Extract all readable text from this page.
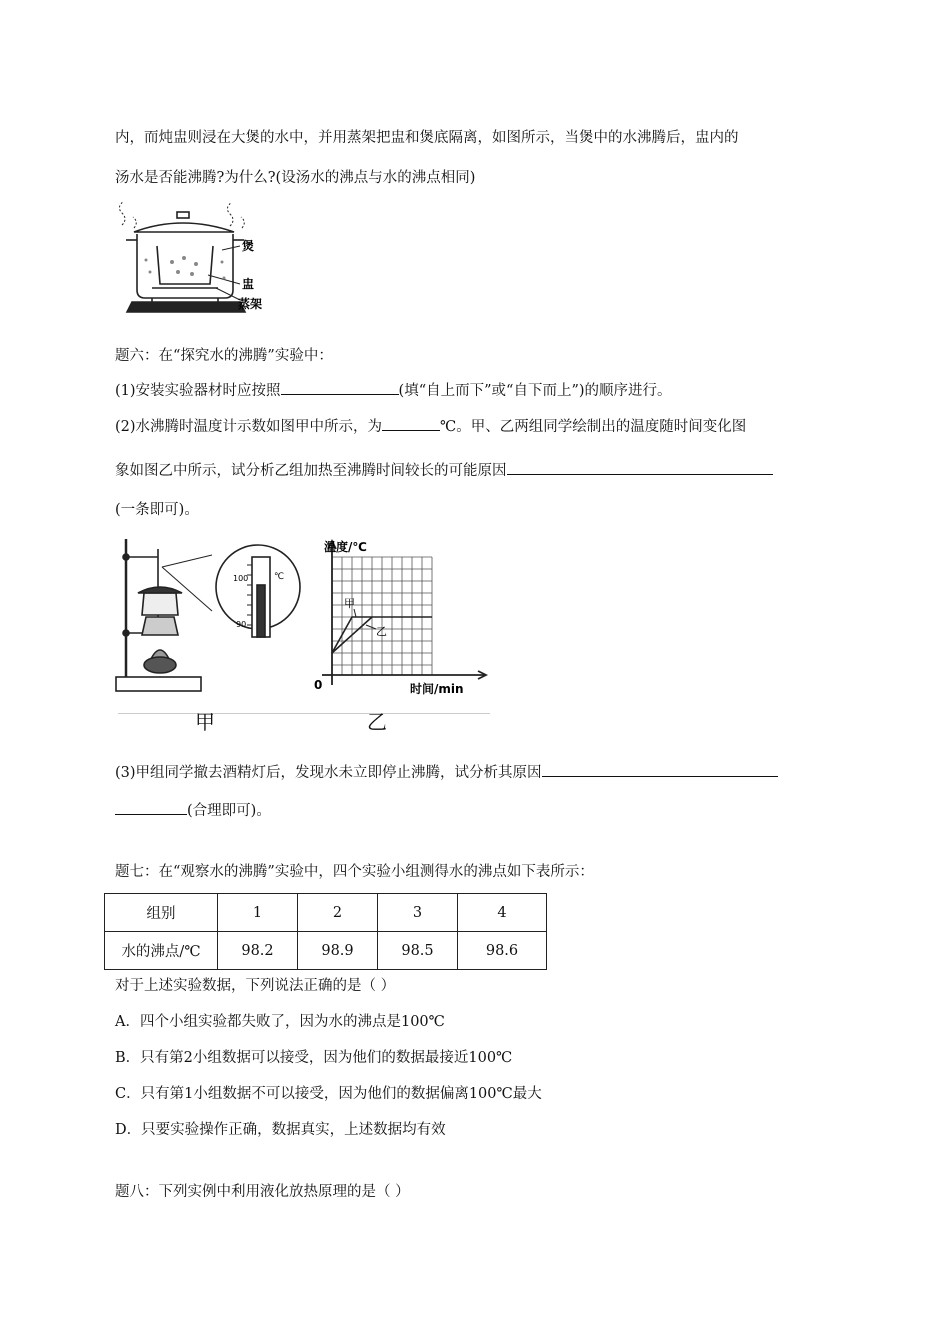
内，而炖盅则浸在大煲的水中，并用蒸架把盅和煲底隔离，如图所示，当煲中的水沸腾后，盅内的
汤水是否能沸腾?为什么?(设汤水的沸点与水的沸点相同)
煲
盅
蒸架
题六：在“探究水的沸腾”实验中：
(1)安装实验器材时应按照	(填“自上而下”或“自下而上”)的顺序进行。
(2)水沸腾时温度计示数如图甲中所示，为	℃。甲、乙两组同学绘制出的温度随时间变化图
象如图乙中所示，试分析乙组加热至沸腾时间较长的可能原因
(一条即可)。
100
90
℃
温度/℃
时间/min
0
甲
乙
甲	乙
(3)甲组同学撤去酒精灯后，发现水未立即停止沸腾，试分析其原因
(合理即可)。
题七：在“观察水的沸腾”实验中，四个实验小组测得水的沸点如下表所示：
组别	1	2	3	4
水的沸点/℃	98.2	98.9	98.5	98.6
对于上述实验数据，下列说法正确的是（ ）
A．四个小组实验都失败了，因为水的沸点是100℃
B．只有第2小组数据可以接受，因为他们的数据最接近100℃
C．只有第1小组数据不可以接受，因为他们的数据偏离100℃最大
D．只要实验操作正确，数据真实，上述数据均有效
题八：下列实例中利用液化放热原理的是（ ）
